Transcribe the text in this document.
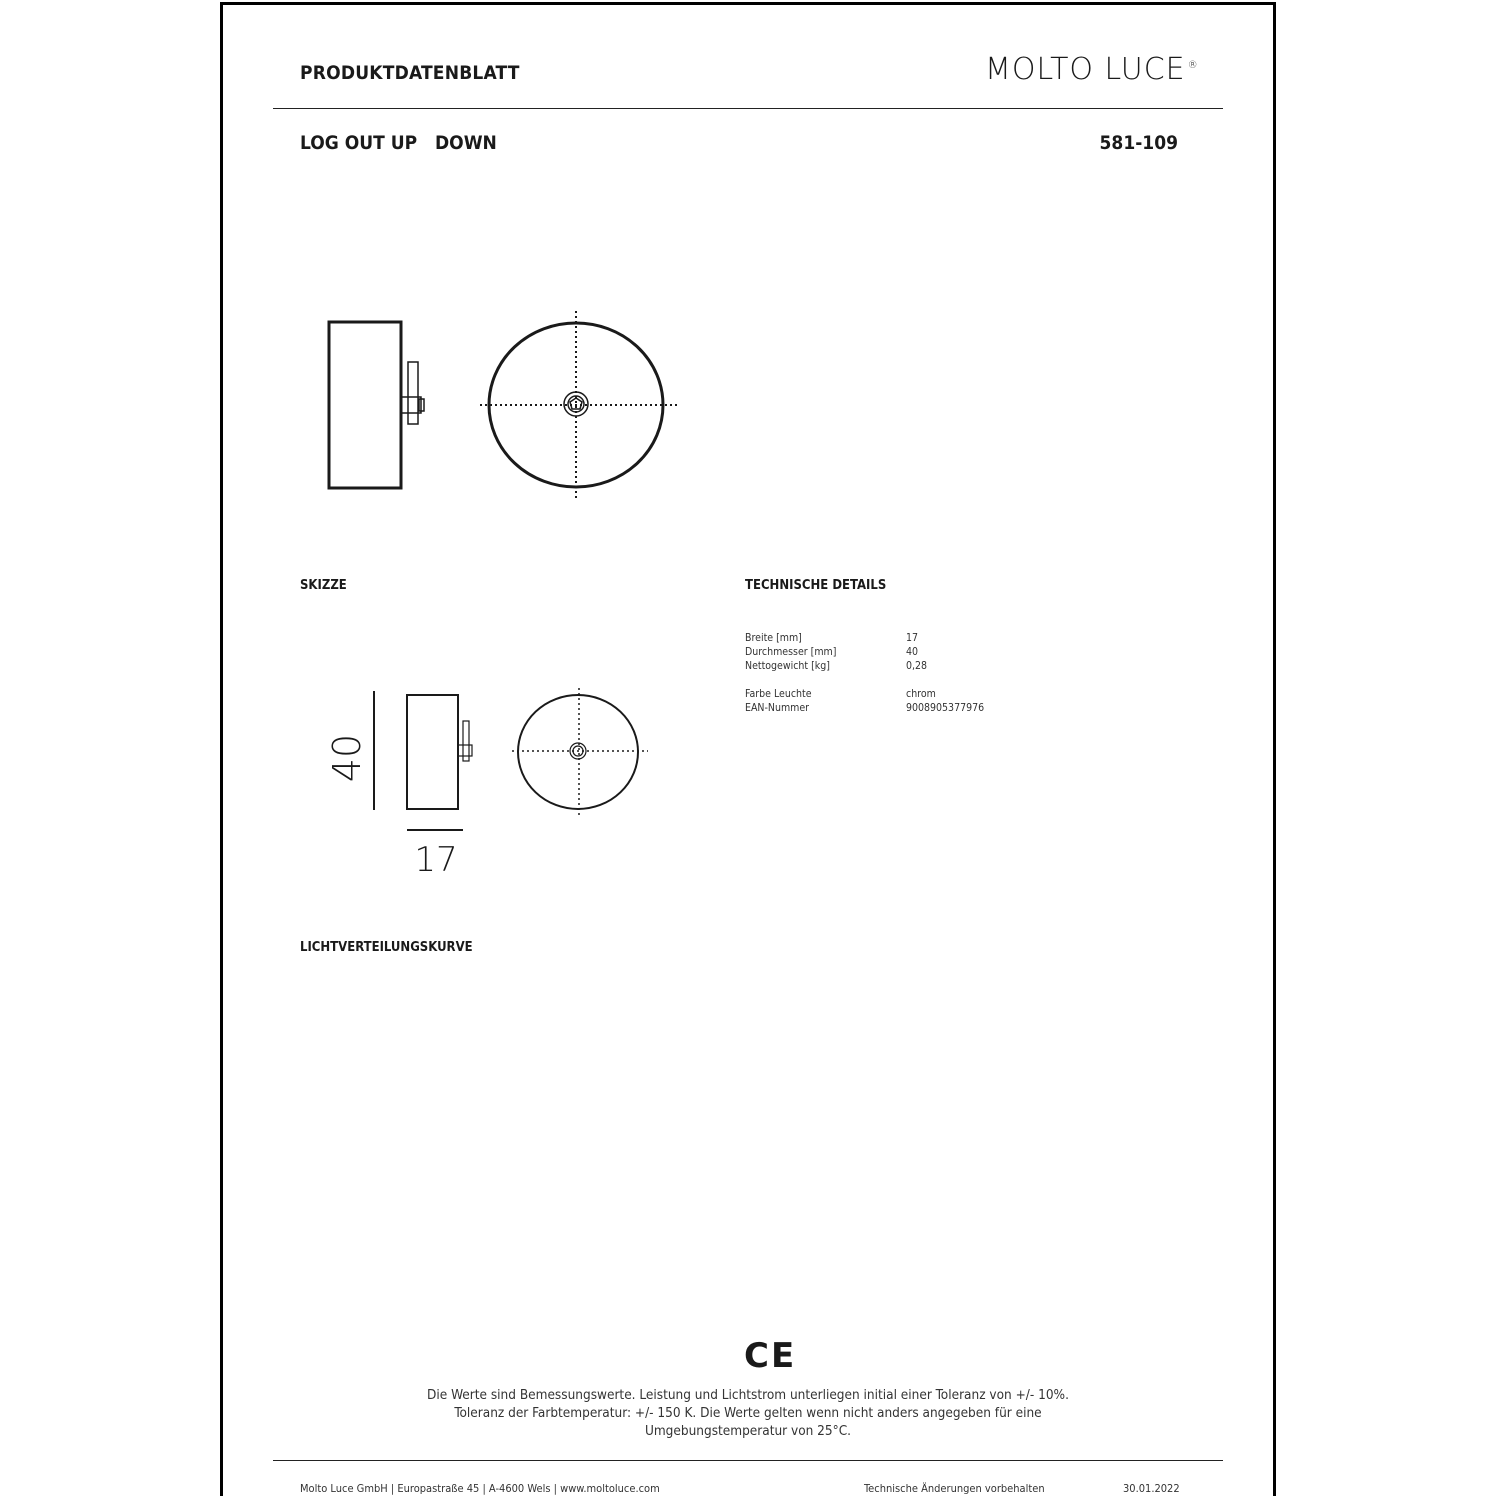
PRODUKTDATENBLATT	MOLTO LUCE ®
LOG OUT UP   DOWN	581-109
SKIZZE	TECHNISCHE DETAILS
Breite [mm]	17
Durchmesser [mm]	40
Nettogewicht [kg]	0,28
Farbe Leuchte	chrom
EAN-Nummer	9008905377976
40
17
LICHTVERTEILUNGSKURVE
CE
Die Werte sind Bemessungswerte. Leistung und Lichtstrom unterliegen initial einer Toleranz von +/- 10%.
Toleranz der Farbtemperatur: +/- 150 K. Die Werte gelten wenn nicht anders angegeben für eine
Umgebungstemperatur von 25°C.
Molto Luce GmbH | Europastraße 45 | A-4600 Wels | www.moltoluce.com	Technische Änderungen vorbehalten	30.01.2022
